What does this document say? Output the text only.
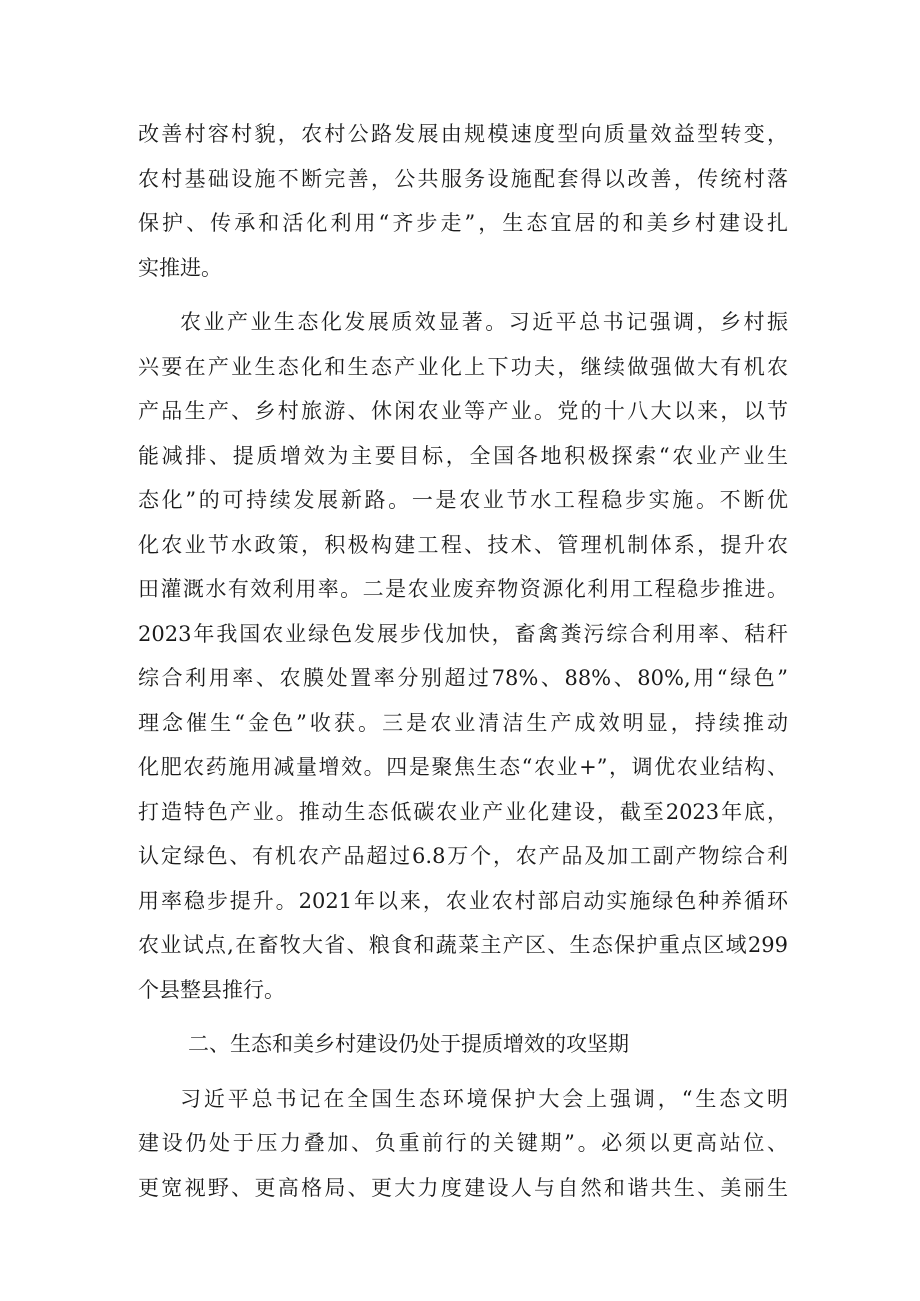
改善村容村貌，农村公路发展由规模速度型向质量效益型转变，
农村基础设施不断完善，公共服务设施配套得以改善，传统村落
保护、传承和活化利用“齐步走”，生态宜居的和美乡村建设扎
实推进。
农业产业生态化发展质效显著。习近平总书记强调，乡村振
兴要在产业生态化和生态产业化上下功夫，继续做强做大有机农
产品生产、乡村旅游、休闲农业等产业。党的十八大以来，以节
能减排、提质增效为主要目标，全国各地积极探索“农业产业生
态化”的可持续发展新路。一是农业节水工程稳步实施。不断优
化农业节水政策，积极构建工程、技术、管理机制体系，提升农
田灌溉水有效利用率。二是农业废弃物资源化利用工程稳步推进。
2023年我国农业绿色发展步伐加快，畜禽粪污综合利用率、秸秆
综合利用率、农膜处置率分别超过78%、88%、80%,用“绿色”
理念催生“金色”收获。三是农业清洁生产成效明显，持续推动
化肥农药施用减量增效。四是聚焦生态“农业+”，调优农业结构、
打造特色产业。推动生态低碳农业产业化建设，截至2023年底，
认定绿色、有机农产品超过6.8万个，农产品及加工副产物综合利
用率稳步提升。2021年以来，农业农村部启动实施绿色种养循环
农业试点,在畜牧大省、粮食和蔬菜主产区、生态保护重点区域299
个县整县推行。
二、生态和美乡村建设仍处于提质增效的攻坚期
习近平总书记在全国生态环境保护大会上强调，“生态文明
建设仍处于压力叠加、负重前行的关键期”。必须以更高站位、
更宽视野、更高格局、更大力度建设人与自然和谐共生、美丽生
